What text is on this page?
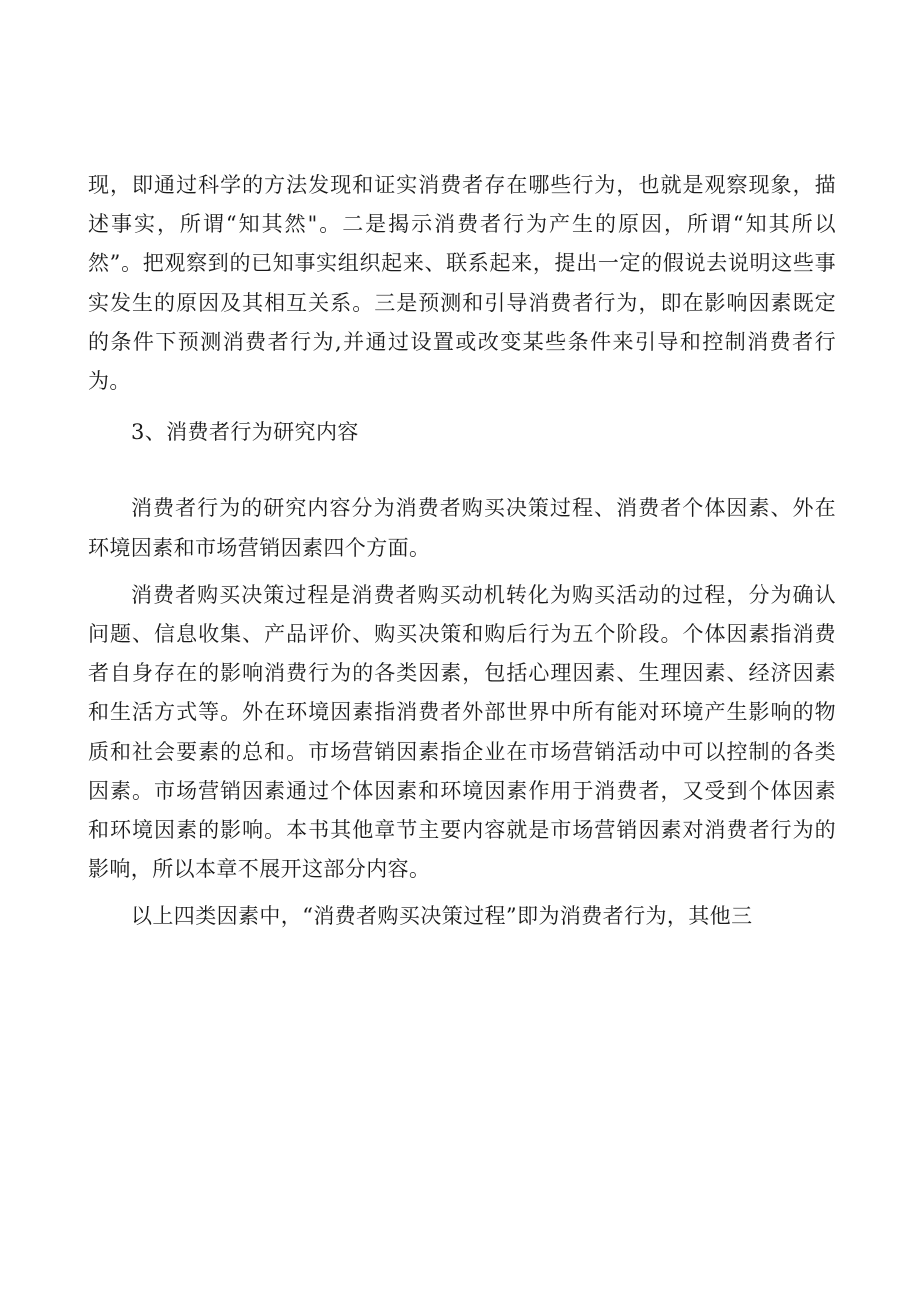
现，即通过科学的方法发现和证实消费者存在哪些行为，也就是观察现象，描述事实，所谓“知其然"。二是揭示消费者行为产生的原因，所谓“知其所以然”。把观察到的已知事实组织起来、联系起来，提出一定的假说去说明这些事实发生的原因及其相互关系。三是预测和引导消费者行为，即在影响因素既定的条件下预测消费者行为,并通过设置或改变某些条件来引导和控制消费者行为。

3、消费者行为研究内容

消费者行为的研究内容分为消费者购买决策过程、消费者个体因素、外在环境因素和市场营销因素四个方面。

消费者购买决策过程是消费者购买动机转化为购买活动的过程，分为确认问题、信息收集、产品评价、购买决策和购后行为五个阶段。个体因素指消费者自身存在的影响消费行为的各类因素，包括心理因素、生理因素、经济因素和生活方式等。外在环境因素指消费者外部世界中所有能对环境产生影响的物质和社会要素的总和。市场营销因素指企业在市场营销活动中可以控制的各类因素。市场营销因素通过个体因素和环境因素作用于消费者，又受到个体因素和环境因素的影响。本书其他章节主要内容就是市场营销因素对消费者行为的影响，所以本章不展开这部分内容。

以上四类因素中，“消费者购买决策过程”即为消费者行为，其他三
